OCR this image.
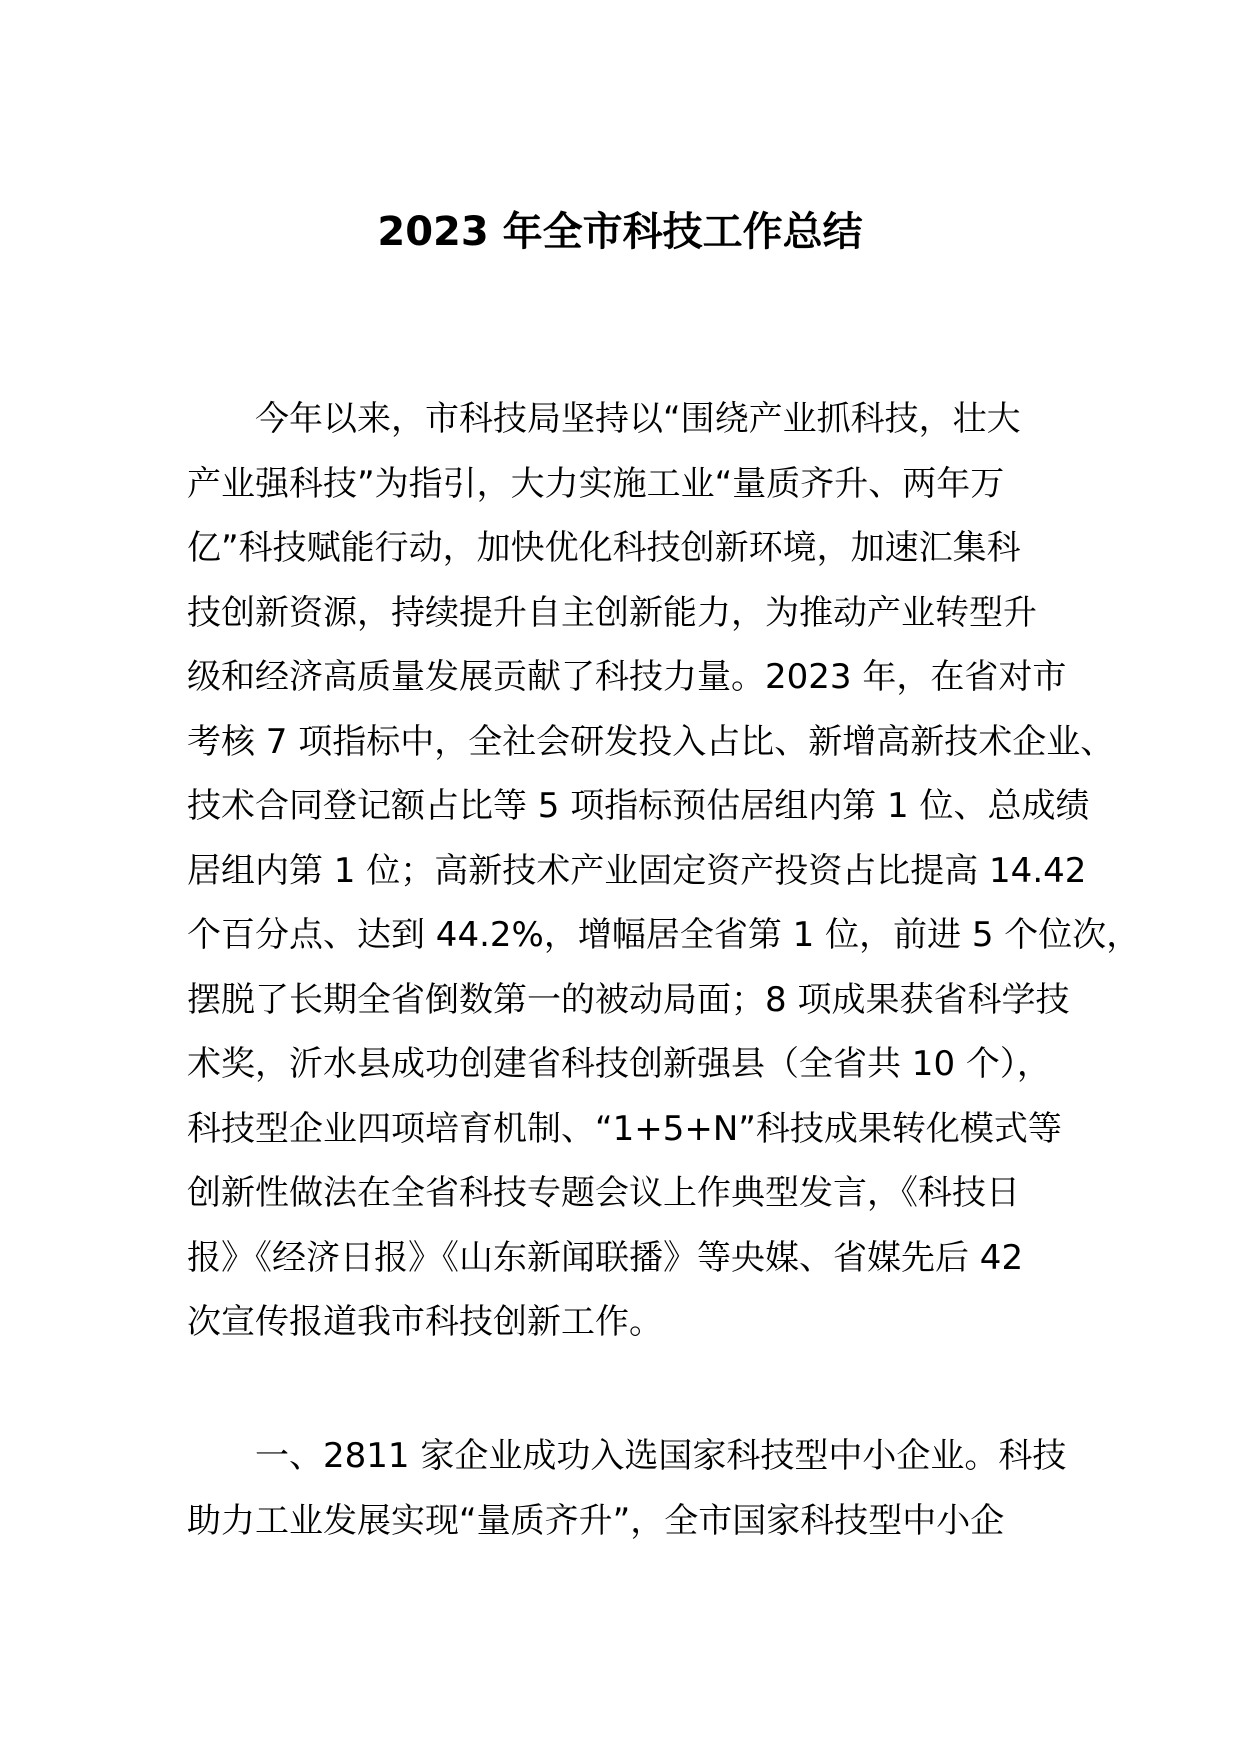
2023 年全市科技工作总结
今年以来，市科技局坚持以“围绕产业抓科技，壮大
产业强科技”为指引，大力实施工业“量质齐升、两年万
亿”科技赋能行动，加快优化科技创新环境，加速汇集科
技创新资源，持续提升自主创新能力，为推动产业转型升
级和经济高质量发展贡献了科技力量。2023 年，在省对市
考核 7 项指标中，全社会研发投入占比、新增高新技术企业、
技术合同登记额占比等 5 项指标预估居组内第 1 位、总成绩
居组内第 1 位；高新技术产业固定资产投资占比提高 14.42
个百分点、达到 44.2%，增幅居全省第 1 位，前进 5 个位次，
摆脱了长期全省倒数第一的被动局面；8 项成果获省科学技
术奖，沂水县成功创建省科技创新强县（全省共 10 个），
科技型企业四项培育机制、“1+5+N”科技成果转化模式等
创新性做法在全省科技专题会议上作典型发言，《科技日
报》《经济日报》《山东新闻联播》等央媒、省媒先后 42
次宣传报道我市科技创新工作。
一、2811 家企业成功入选国家科技型中小企业。科技
助力工业发展实现“量质齐升”，全市国家科技型中小企
